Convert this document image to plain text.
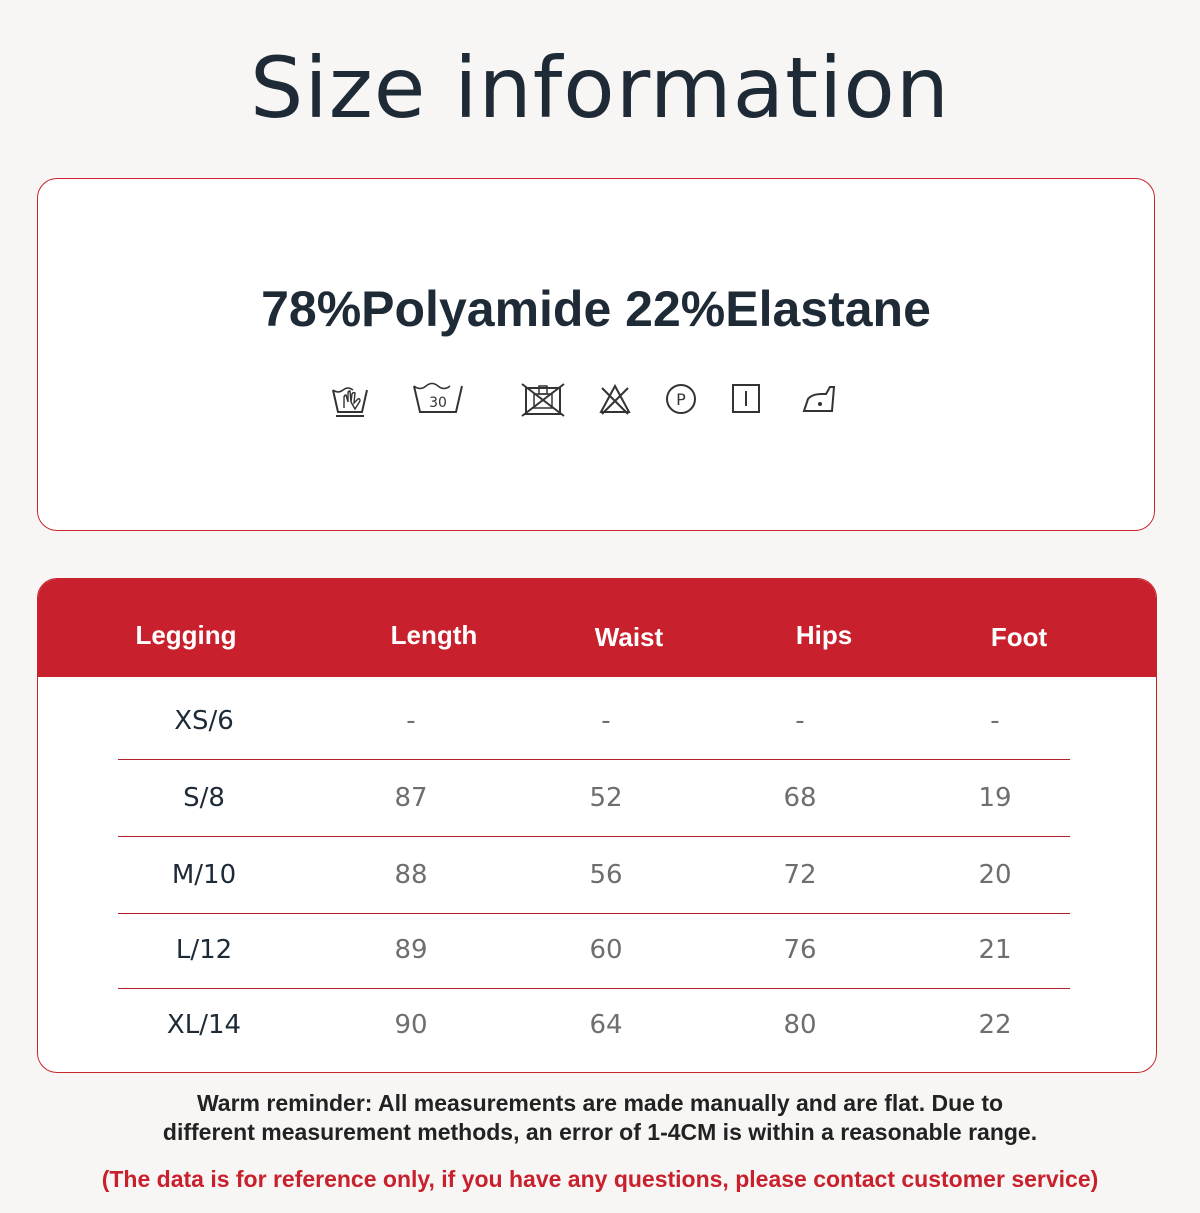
Size information
78%Polyamide 22%Elastane
30	P
Legging	Length	Waist	Hips	Foot
XS/6	-	-	-	-
S/8	87	52	68	19
M/10	88	56	72	20
L/12	89	60	76	21
XL/14	90	64	80	22
Warm reminder: All measurements are made manually and are flat. Due to
different measurement methods, an error of 1-4CM is within a reasonable range.
(The data is for reference only, if you have any questions, please contact customer service)
